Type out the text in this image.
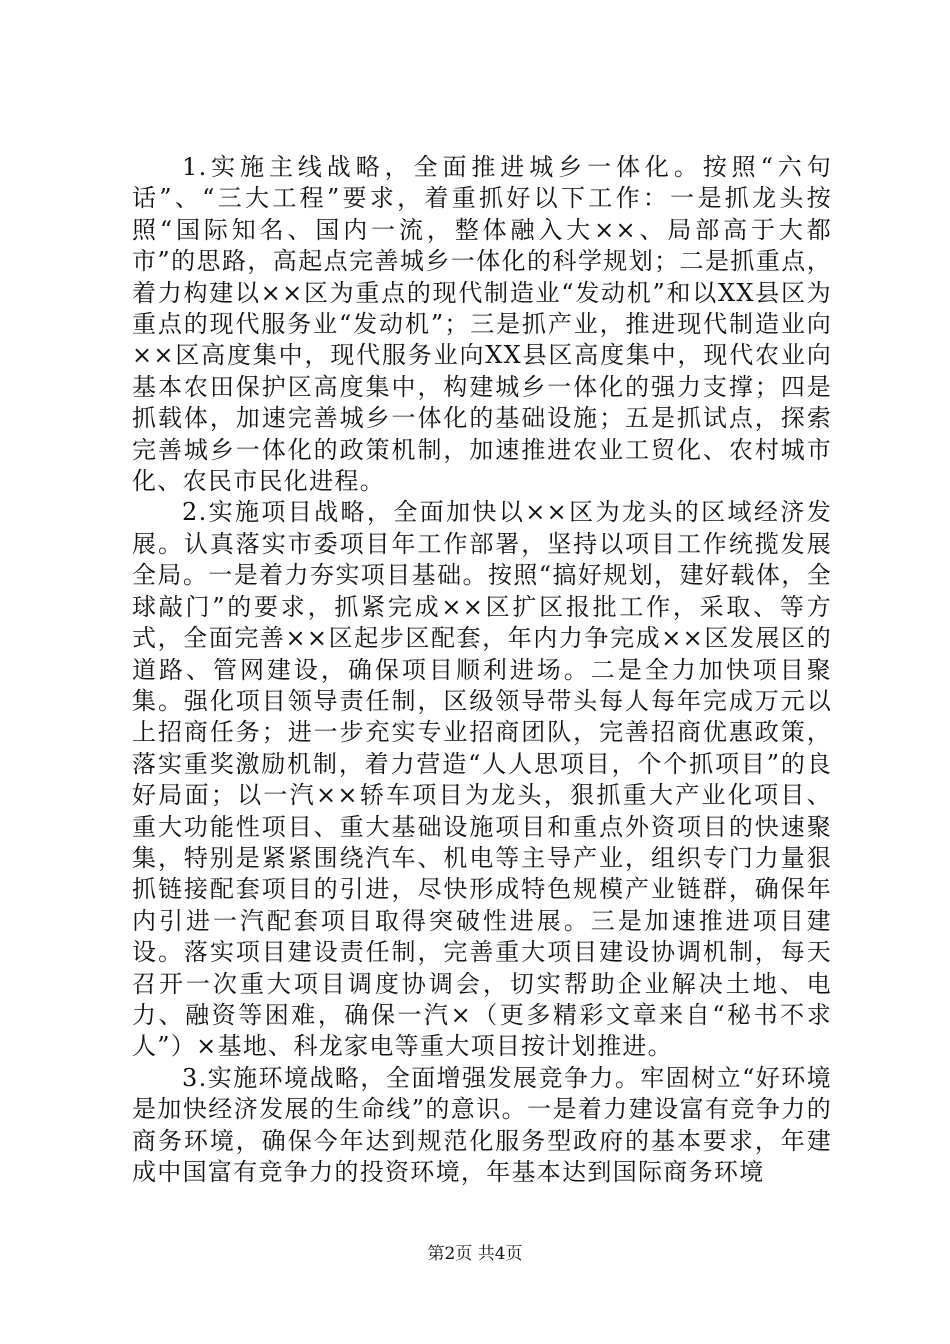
1.实施主线战略，全面推进城乡一体化。按照“六句话”、“三大工程”要求，着重抓好以下工作：一是抓龙头按照“国际知名、国内一流，整体融入大××、局部高于大都市”的思路，高起点完善城乡一体化的科学规划；二是抓重点，着力构建以××区为重点的现代制造业“发动机”和以XX县区为重点的现代服务业“发动机”；三是抓产业，推进现代制造业向××区高度集中，现代服务业向XX县区高度集中，现代农业向基本农田保护区高度集中，构建城乡一体化的强力支撑；四是抓载体，加速完善城乡一体化的基础设施；五是抓试点，探索完善城乡一体化的政策机制，加速推进农业工贸化、农村城市化、农民市民化进程。

2.实施项目战略，全面加快以××区为龙头的区域经济发展。认真落实市委项目年工作部署，坚持以项目工作统揽发展全局。一是着力夯实项目基础。按照“搞好规划，建好载体，全球敲门”的要求，抓紧完成××区扩区报批工作，采取、等方式，全面完善××区起步区配套，年内力争完成××区发展区的道路、管网建设，确保项目顺利进场。二是全力加快项目聚集。强化项目领导责任制，区级领导带头每人每年完成万元以上招商任务；进一步充实专业招商团队，完善招商优惠政策，落实重奖激励机制，着力营造“人人思项目，个个抓项目”的良好局面；以一汽××轿车项目为龙头，狠抓重大产业化项目、重大功能性项目、重大基础设施项目和重点外资项目的快速聚集，特别是紧紧围绕汽车、机电等主导产业，组织专门力量狠抓链接配套项目的引进，尽快形成特色规模产业链群，确保年内引进一汽配套项目取得突破性进展。三是加速推进项目建设。落实项目建设责任制，完善重大项目建设协调机制，每天召开一次重大项目调度协调会，切实帮助企业解决土地、电力、融资等困难，确保一汽×（更多精彩文章来自“秘书不求人”）×基地、科龙家电等重大项目按计划推进。

3.实施环境战略，全面增强发展竞争力。牢固树立“好环境是加快经济发展的生命线”的意识。一是着力建设富有竞争力的商务环境，确保今年达到规范化服务型政府的基本要求，年建成中国富有竞争力的投资环境，年基本达到国际商务环境

第2页 共4页
